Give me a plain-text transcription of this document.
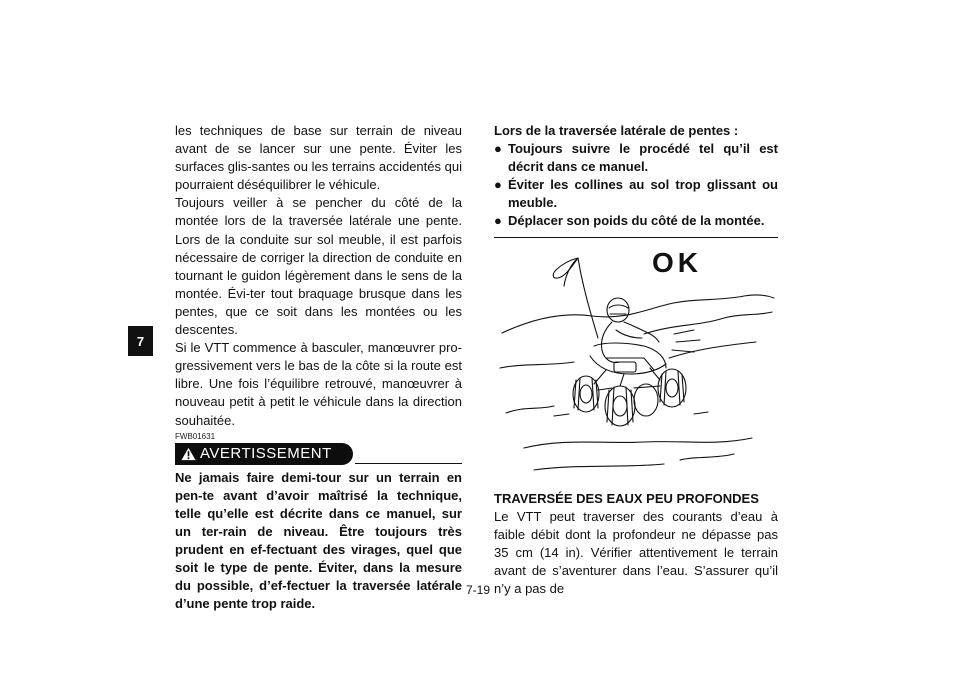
7

les techniques de base sur terrain de niveau avant de se lancer sur une pente. Éviter les surfaces glis-santes ou les terrains accidentés qui pourraient déséquilibrer le véhicule.

Toujours veiller à se pencher du côté de la montée lors de la traversée latérale une pente. Lors de la conduite sur sol meuble, il est parfois nécessaire de corriger la direction de conduite en tournant le guidon légèrement dans le sens de la montée. Évi-ter tout braquage brusque dans les pentes, que ce soit dans les montées ou les descentes.

Si le VTT commence à basculer, manœuvrer pro-gressivement vers le bas de la côte si la route est libre. Une fois l’équilibre retrouvé, manœuvrer à nouveau petit à petit le véhicule dans la direction souhaitée.

FWB01631
AVERTISSEMENT

Ne jamais faire demi-tour sur un terrain en pen-te avant d’avoir maîtrisé la technique, telle qu’elle est décrite dans ce manuel, sur un ter-rain de niveau. Être toujours très prudent en ef-fectuant des virages, quel que soit le type de pente. Éviter, dans la mesure du possible, d’ef-fectuer la traversée latérale d’une pente trop raide.

Lors de la traversée latérale de pentes :

● Toujours suivre le procédé tel qu’il est décrit dans ce manuel.
● Éviter les collines au sol trop glissant ou meuble.
● Déplacer son poids du côté de la montée.
OK
TRAVERSÉE DES EAUX PEU PROFONDES

Le VTT peut traverser des courants d’eau à faible débit dont la profondeur ne dépasse pas 35 cm (14 in). Vérifier attentivement le terrain avant de s’aventurer dans l’eau. S’assurer qu’il n’y a pas de

7-19
